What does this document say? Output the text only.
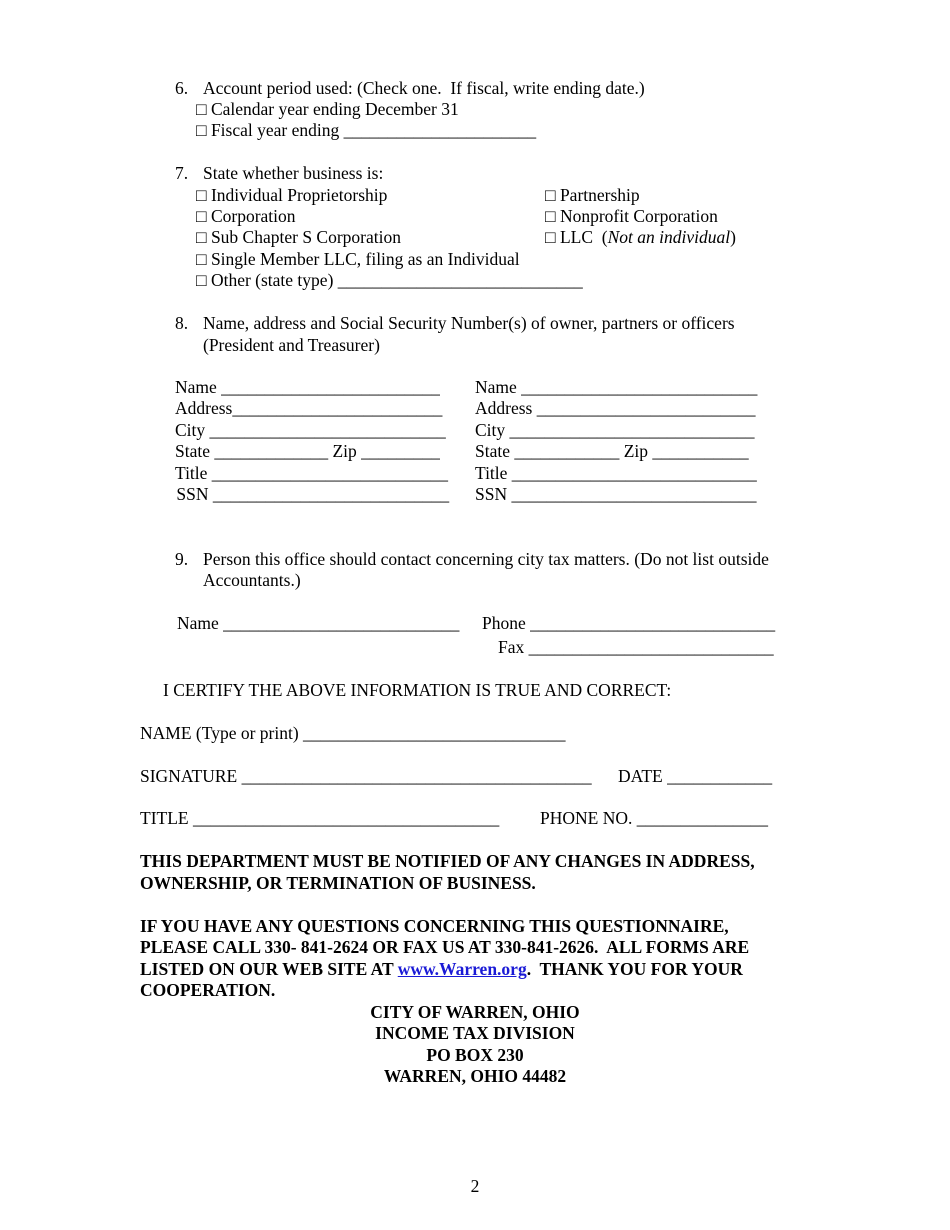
6. Account period used: (Check one.  If fiscal, write ending date.)
□ Calendar year ending December 31
□ Fiscal year ending ______________________
7. State whether business is:
□ Individual Proprietorship
□ Corporation
□ Sub Chapter S Corporation
□ Single Member LLC, filing as an Individual
□ Other (state type) ____________________________
□ Partnership
□ Nonprofit Corporation
□ LLC  (Not an individual)
8. Name, address and Social Security Number(s) of owner, partners or officers
(President and Treasurer)
Name _________________________
Address________________________
City ___________________________
State _____________ Zip _________
Title ___________________________
SSN ___________________________
Name ___________________________
Address _________________________
City ____________________________
State ____________ Zip ___________
Title ____________________________
SSN ____________________________
9. Person this office should contact concerning city tax matters. (Do not list outside
Accountants.)
Name ___________________________ Phone ____________________________
Fax ____________________________
I CERTIFY THE ABOVE INFORMATION IS TRUE AND CORRECT:
NAME (Type or print) ______________________________
SIGNATURE ________________________________________ DATE ____________
TITLE ___________________________________ PHONE NO. _______________
THIS DEPARTMENT MUST BE NOTIFIED OF ANY CHANGES IN ADDRESS,
OWNERSHIP, OR TERMINATION OF BUSINESS.
IF YOU HAVE ANY QUESTIONS CONCERNING THIS QUESTIONNAIRE,
PLEASE CALL 330- 841-2624 OR FAX US AT 330-841-2626.  ALL FORMS ARE
LISTED ON OUR WEB SITE AT www.Warren.org.  THANK YOU FOR YOUR
COOPERATION.
CITY OF WARREN, OHIO
INCOME TAX DIVISION
PO BOX 230
WARREN, OHIO 44482
2
